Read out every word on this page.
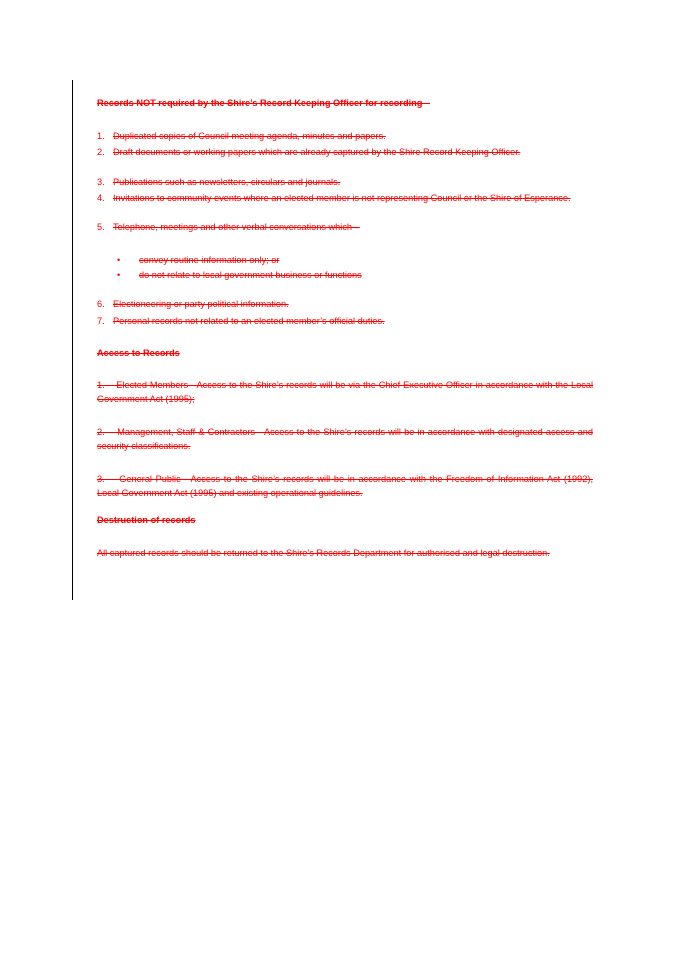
Records NOT required by the Shire’s Record Keeping Officer for recording –
1. Duplicated copies of Council meeting agenda, minutes and papers.
2. Draft documents or working papers which are already captured by the Shire Record Keeping Officer.
3. Publications such as newsletters, circulars and journals.
4. Invitations to community events where an elected member is not representing Council or the Shire of Esperance.
5. Telephone, meetings and other verbal conversations which –
• convey routine information only; or
• do not relate to local government business or functions
6. Electioneering or party political information.
7. Personal records not related to an elected member’s official duties.
Access to Records
1.    Elected Members - Access to the Shire’s records will be via the Chief Executive Officer in accordance with the Local Government Act (1995);
2.    Management, Staff & Contractors - Access to the Shire’s records will be in accordance with designated access and security classifications.
3.    General Public - Access to the Shire’s records will be in accordance with the Freedom of Information Act (1992), Local Government Act (1995) and existing operational guidelines.
Destruction of records
All captured records should be returned to the Shire’s Records Department for authorised and legal destruction.
